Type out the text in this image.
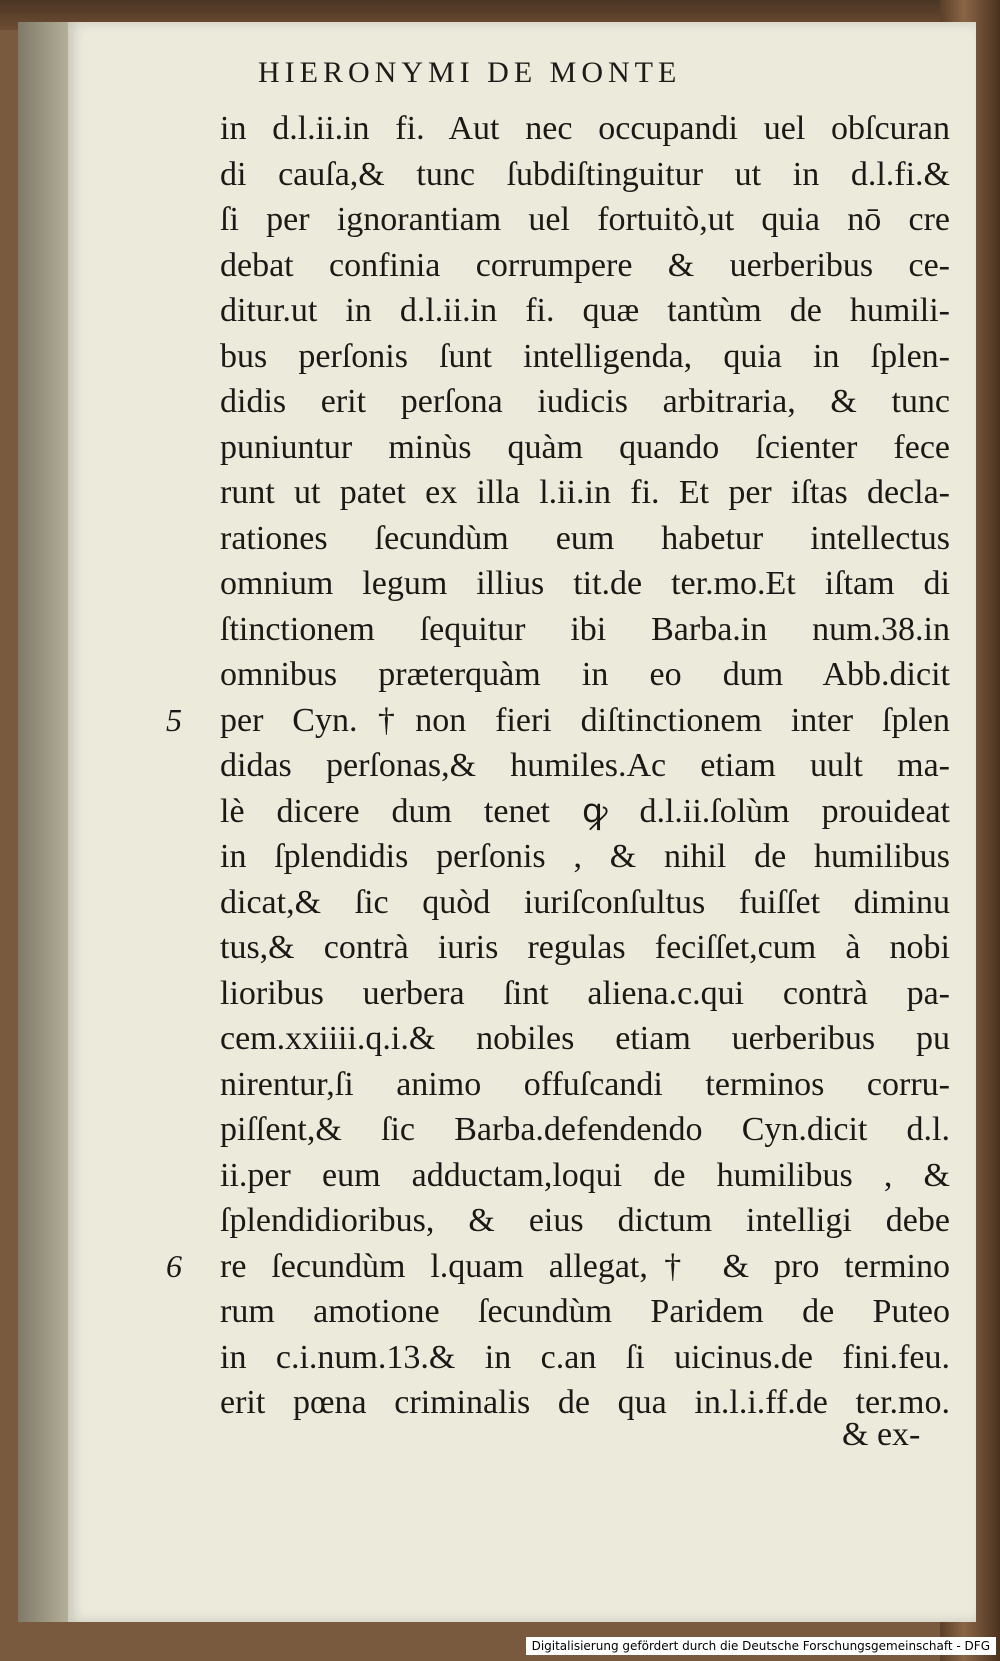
HIERONYMI DE MONTE
in d.l.ii.in fi. Aut nec occupandi uel obſcuran
di cauſa,& tunc ſubdiſtinguitur ut in d.l.fi.&
ſi per ignorantiam uel fortuitò,ut quia nō cre
debat confinia corrumpere & uerberibus ce-
ditur.ut in d.l.ii.in fi. quæ tantùm de humili-
bus perſonis ſunt intelligenda, quia in ſplen-
didis erit perſona iudicis arbitraria, & tunc
puniuntur minùs quàm quando ſcienter fece
runt ut patet ex illa l.ii.in fi. Et per iſtas decla-
rationes ſecundùm eum habetur intellectus
omnium legum illius tit.de ter.mo.Et iſtam di
ſtinctionem ſequitur ibi Barba.in num.38.in
omnibus præterquàm in eo dum Abb.dicit
per Cyn.†non fieri diſtinctionem inter ſplen
didas perſonas,& humiles.Ac etiam uult ma-
lè dicere dum tenet ꝙ d.l.ii.ſolùm prouideat
in ſplendidis perſonis , & nihil de humilibus
dicat,& ſic quòd iuriſconſultus fuiſſet diminu
tus,& contrà iuris regulas feciſſet,cum à nobi
lioribus uerbera ſint aliena.c.qui contrà pa-
cem.xxiiii.q.i.& nobiles etiam uerberibus pu
nirentur,ſi animo offuſcandi terminos corru-
piſſent,& ſic Barba.defendendo Cyn.dicit d.l.
ii.per eum adductam,loqui de humilibus , &
ſplendidioribus, & eius dictum intelligi debe
re ſecundùm l.quam allegat,† & pro termino
rum amotione ſecundùm Paridem de Puteo
in c.i.num.13.& in c.an ſi uicinus.de fini.feu.
erit pœna criminalis de qua in.l.i.ff.de ter.mo.
5
6
& ex-
Digitalisierung gefördert durch die Deutsche Forschungsgemeinschaft - DFG
